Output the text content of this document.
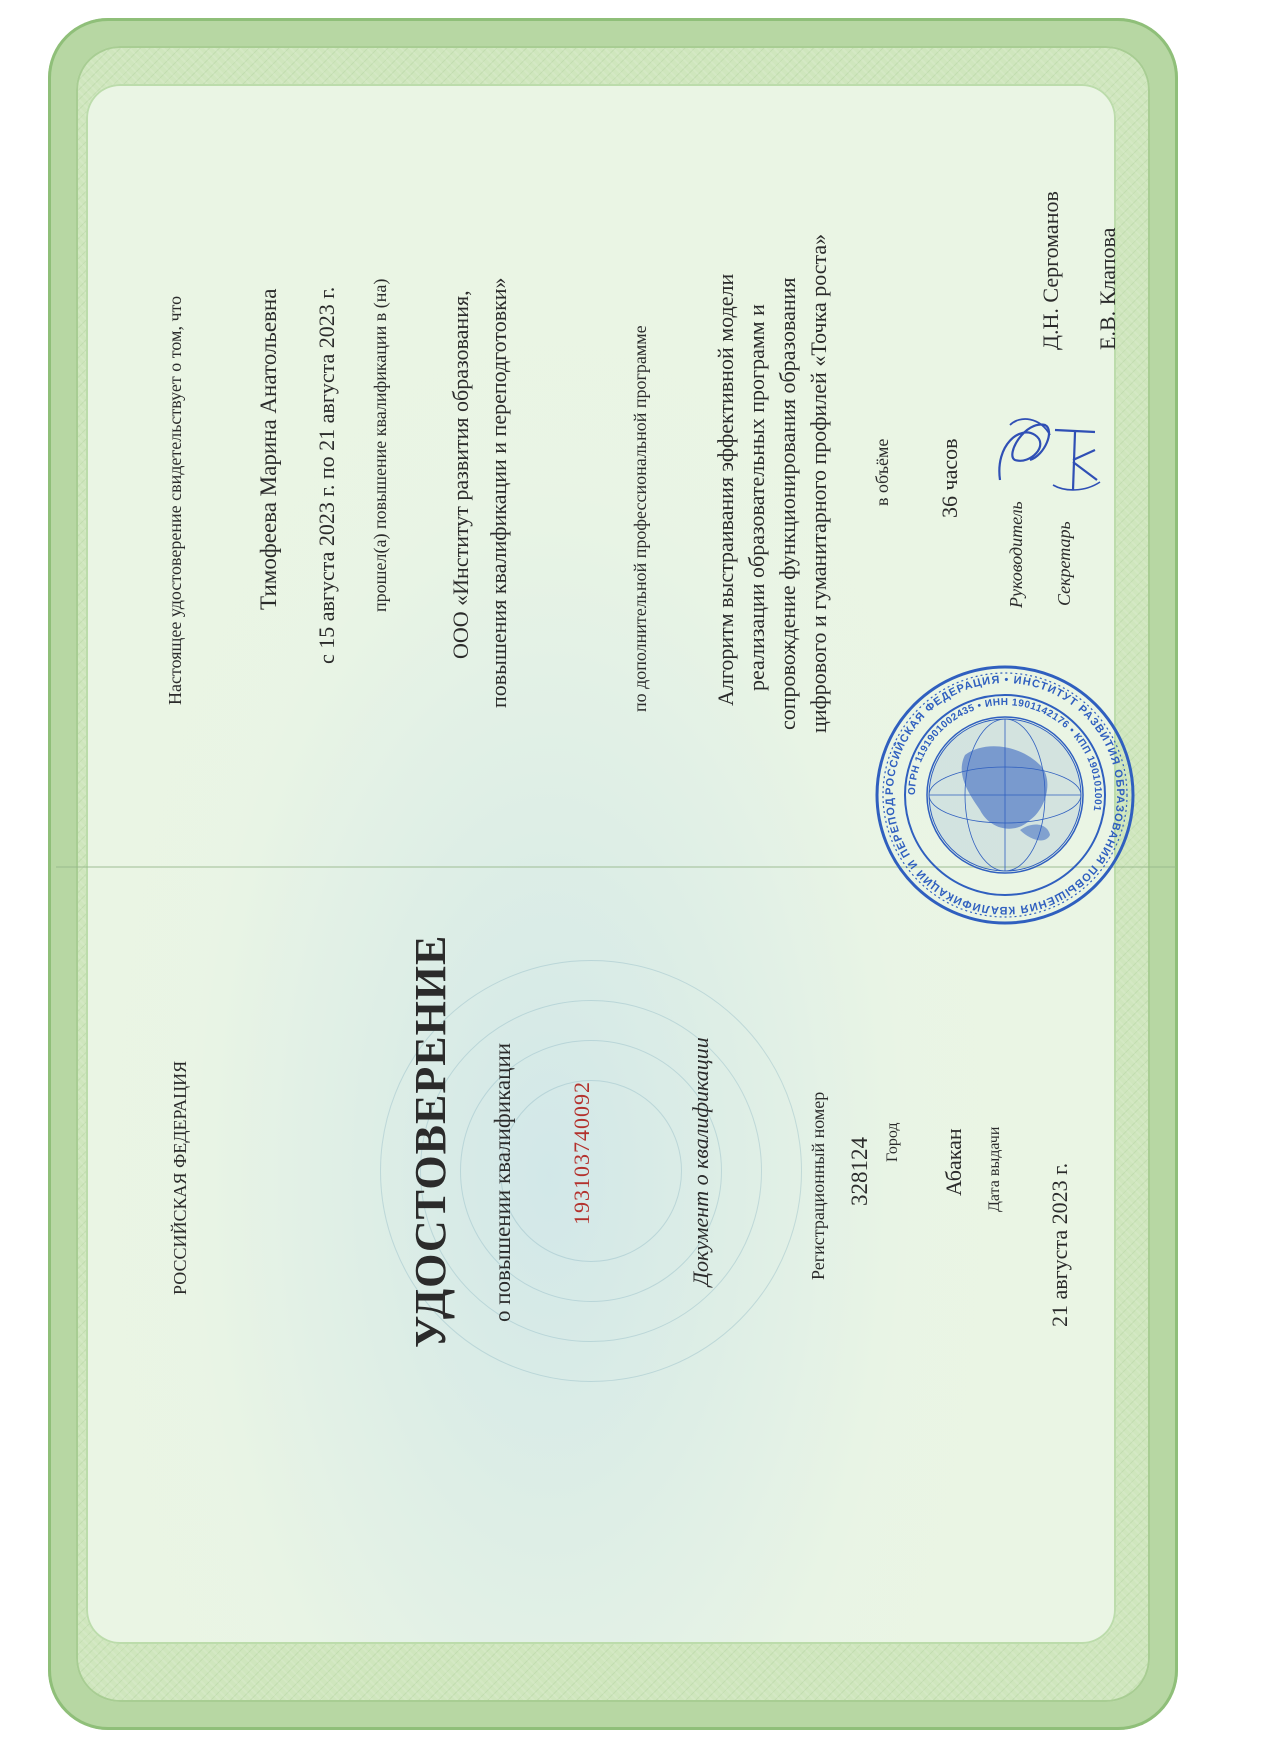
РОССИЙСКАЯ ФЕДЕРАЦИЯ	УДОСТОВЕРЕНИЕ о повышении квалификации 193103740092	Документ о квалификации	Регистрационный номер 328124 Город Абакан Дата выдачи 21 августа 2023 г.
Настоящее удостоверение свидетельствует о том, что	Тимофеева Марина Анатольевна с 15 августа 2023 г. по 21 августа 2023 г. прошел(а) повышение квалификации в (на)	ООО «Институт развития образования, повышения квалификации и переподготовки»	по дополнительной профессиональной программе	Алгоритм выстраивания эффективной модели реализации образовательных программ и сопровождение функционирования образования цифрового и гуманитарного профилей «Точка роста» в объёме 36 часов
Руководитель
Д.Н. Сергоманов
Секретарь
Е.В. Клапова
РОССИЙСКАЯ ФЕДЕРАЦИЯ • ИНСТИТУТ РАЗВИТИЯ ОБРАЗОВАНИЯ ПОВЫШЕНИЯ КВАЛИФИКАЦИИ И ПЕРЕПОД
ОГРН 1191901002435 • ИНН 1901142176 • КПП 190101001
